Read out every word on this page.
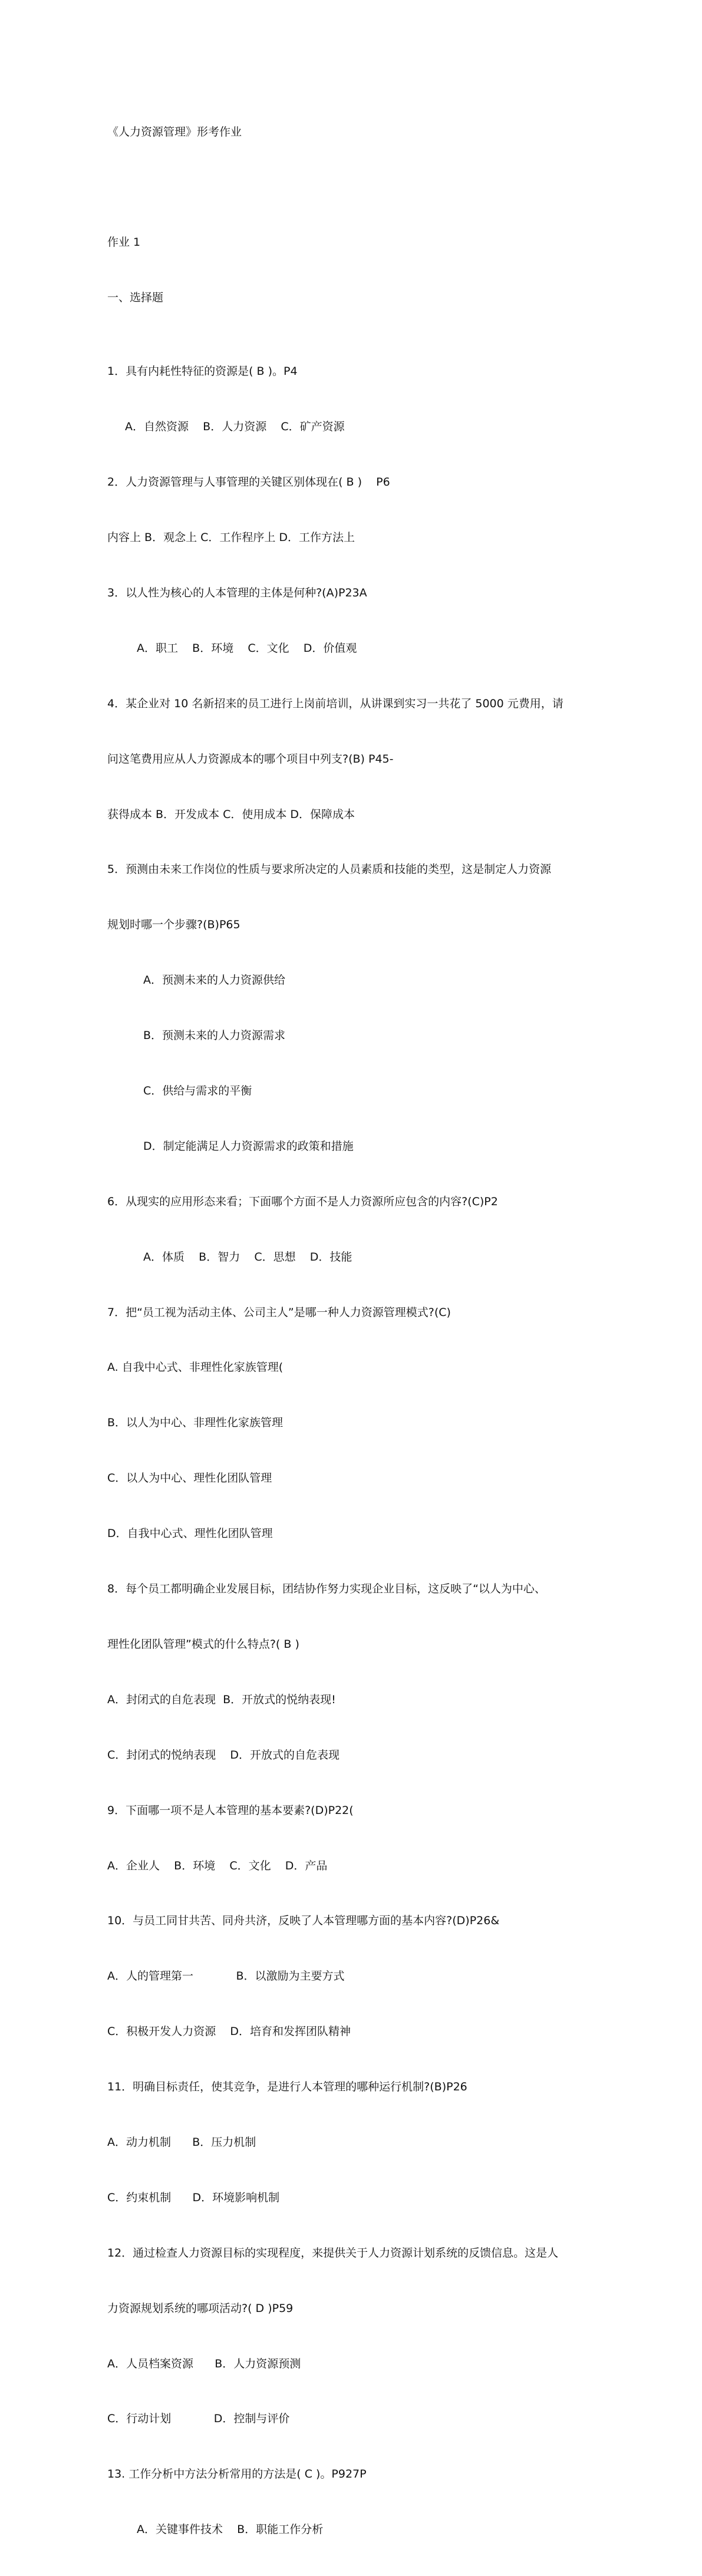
《人力资源管理》形考作业

作业 1

一、选择题

1．具有内耗性特征的资源是( B )。P4

A．自然资源    B．人力资源    C．矿产资源

2．人力资源管理与人事管理的关键区别体现在( B )    P6

内容上 B．观念上 C．工作程序上 D．工作方法上

3．以人性为核心的人本管理的主体是何种?(A)P23A

A．职工    B．环境    C．文化    D．价值观

4．某企业对 10 名新招来的员工进行上岗前培训，从讲课到实习一共花了 5000 元费用，请

问这笔费用应从人力资源成本的哪个项目中列支?(B) P45-

获得成本 B．开发成本 C．使用成本 D．保障成本

5．预测由未来工作岗位的性质与要求所决定的人员素质和技能的类型，这是制定人力资源

规划时哪一个步骤?(B)P65

A．预测未来的人力资源供给

B．预测未来的人力资源需求

C．供给与需求的平衡

D．制定能满足人力资源需求的政策和措施

6．从现实的应用形态来看；下面哪个方面不是人力资源所应包含的内容?(C)P2

A．体质    B．智力    C．思想    D．技能

7．把“员工视为活动主体、公司主人”是哪一种人力资源管理模式?(C)

A. 自我中心式、非理性化家族管理(

B．以人为中心、非理性化家族管理

C．以人为中心、理性化团队管理

D．自我中心式、理性化团队管理

8．每个员工都明确企业发展目标，团结协作努力实现企业目标，这反映了“以人为中心、

理性化团队管理”模式的什么特点?( B )

A．封闭式的自危表现  B．开放式的悦纳表现!

C．封闭式的悦纳表现    D．开放式的自危表现

9．下面哪一项不是人本管理的基本要素?(D)P22(

A．企业人    B．环境    C．文化    D．产品

10．与员工同甘共苦、同舟共济，反映了人本管理哪方面的基本内容?(D)P26&

A．人的管理第一            B．以激励为主要方式

C．积极开发人力资源    D．培育和发挥团队精神

11．明确目标责任，使其竞争，是进行人本管理的哪种运行机制?(B)P26

A．动力机制      B．压力机制

C．约束机制      D．环境影响机制

12．通过检查人力资源目标的实现程度，来提供关于人力资源计划系统的反馈信息。这是人

力资源规划系统的哪项活动?( D )P59

A．人员档案资源      B．人力资源预测

C．行动计划            D．控制与评价

13. 工作分析中方法分析常用的方法是( C )。P927P

A．关键事件技术    B．职能工作分析
